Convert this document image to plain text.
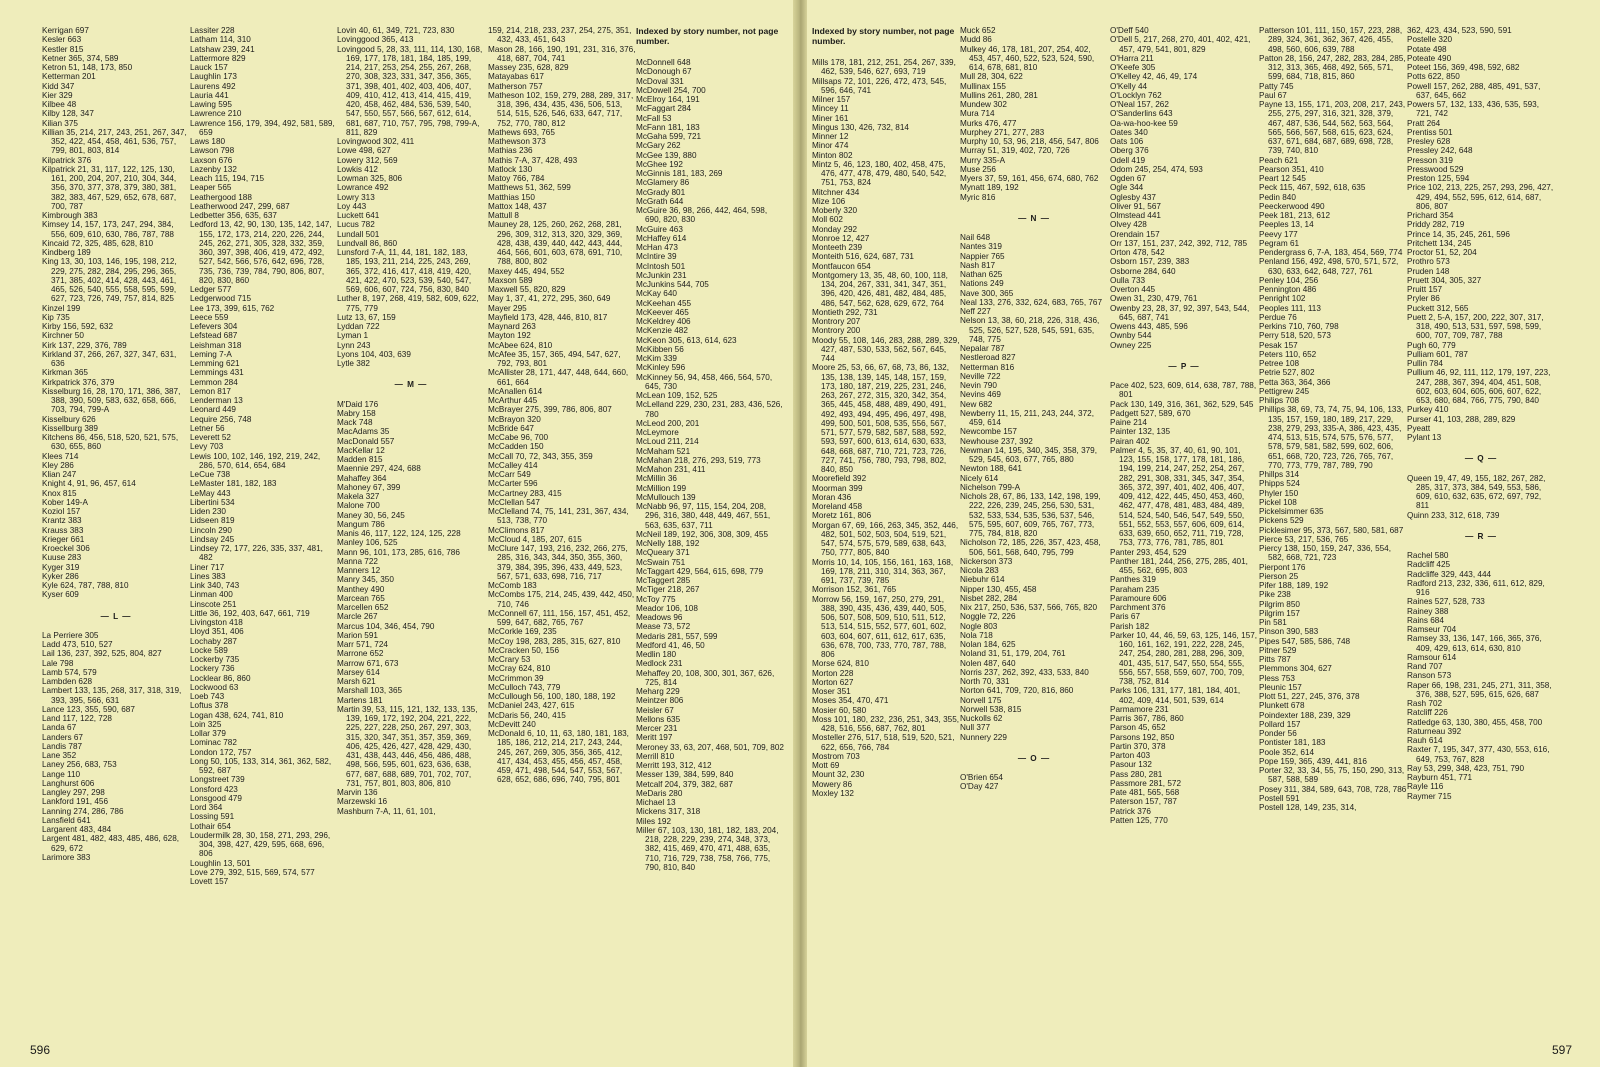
Kerrigan 697
Kesler 663
Kestler 815
Ketner 365, 374, 589
Ketron 51, 148, 173, 850
Ketterman 201
Kidd 347
Kier 329
Kilbee 48
Kilby 128, 347
Kilian 375
Killian 35, 214, 217, 243, 251, 267, 347, 352, 422, 454, 458, 461, 536, 757, 799, 801, 803, 814
Kilpatrick 376
Kilpatrick 21, 31, 117, 122, 125, 130, 161, 200, 204, 207, 210, 304, 344, 356, 370, 377, 378, 379, 380, 381, 382, 383, 467, 529, 652, 678, 687, 700, 787
Kimbrough 383
Kimsey 14, 157, 173, 247, 294, 384, 556, 609, 610, 630, 786, 787, 788
Kincaid 72, 325, 485, 628, 810
Kindberg 189
King 13, 30, 103, 146, 195, 198, 212, 229, 275, 282, 284, 295, 296, 365, 371, 385, 402, 414, 428, 443, 461, 465, 526, 540, 555, 558, 595, 599, 627, 723, 726, 749, 757, 814, 825
Kinzel 199
Kip 735
Kirby 156, 592, 632
Kirchner 50
Kirk 137, 229, 376, 789
Kirkland 37, 266, 267, 327, 347, 631, 636
Kirkman 365
Kirkpatrick 376, 379
Kisselburg 16, 28, 170, 171, 386, 387, 388, 390, 509, 583, 632, 658, 666, 703, 794, 799-A
Kisselbury 626
Kissellburg 389
Kitchens 86, 456, 518, 520, 521, 575, 630, 655, 860
Klees 714
Kley 286
Klian 247
Knight 4, 91, 96, 457, 614
Knox 815
Kober 149-A
Koziol 157
Krantz 383
Krauss 383
Krieger 661
Kroeckel 306
Kuuse 283
Kyger 319
Kyker 286
Kyle 624, 787, 788, 810
Kyser 609
— L —
La Perriere 305
Ladd 473, 510, 527
Lail 136, 237, 392, 525, 804, 827
Lale 798
Lamb 574, 579
Lambden 628
Lambert 133, 135, 268, 317, 318, 319, 393, 395, 566, 631
Lance 123, 355, 590, 687
Land 117, 122, 728
Landa 67
Landers 67
Landis 787
Lane 352
Laney 256, 683, 753
Lange 110
Langhurst 606
Langley 297, 298
Lankford 191, 456
Lanning 274, 286, 786
Lansfield 641
Largarent 483, 484
Largent 481, 482, 483, 485, 486, 628, 629, 672
Larimore 383
Lassiter 228
Latham 114, 310
Latshaw 239, 241
Lattermore 829
Lauck 157
Laughlin 173
Laurens 492
Lauria 441
Lawing 595
Lawrence 210
Lawrence 156, 179, 394, 492, 581, 589, 659
Laws 180
Lawson 798
Laxson 676
Lazenby 132
Leach 115, 194, 715
Leaper 565
Leathergood 188
Leatherwood 247, 299, 687
Ledbetter 356, 635, 637
Ledford 13, 42, 90, 130, 135, 142, 147, 155, 172, 173, 214, 220, 226, 244, 245, 262, 271, 305, 328, 332, 359, 360, 397, 398, 406, 419, 472, 492, 527, 542, 566, 576, 642, 696, 728, 735, 736, 739, 784, 790, 806, 807, 820, 830, 860
Ledger 577
Ledgerwood 715
Lee 173, 399, 615, 762
Leece 559
Lefevers 304
Lefstead 687
Leishman 318
Leming 7-A
Lemming 621
Lemmings 431
Lemmon 284
Lemon 817
Lenderman 13
Leonard 449
Lequire 256, 748
Letner 56
Leverett 52
Levy 703
Lewis 100, 102, 146, 192, 219, 242, 286, 570, 614, 654, 684
LeCue 738
LeMaster 181, 182, 183
LeMay 443
Libertini 534
Liden 230
Lidseen 819
Lincoln 290
Lindsay 245
Lindsey 72, 177, 226, 335, 337, 481, 482
Liner 717
Lines 383
Link 340, 743
Linman 400
Linscote 251
Little 36, 192, 403, 647, 661, 719
Livingston 418
Lloyd 351, 406
Lochaby 287
Locke 589
Lockerby 735
Lockery 736
Locklear 86, 860
Lockwood 63
Loeb 743
Loftus 378
Logan 438, 624, 741, 810
Loin 325
Lollar 379
Lominac 782
London 172, 757
Long 50, 105, 133, 314, 361, 362, 582, 592, 687
Longstreet 739
Lonsford 423
Lonsgood 479
Lord 364
Lossing 591
Lothair 654
Loudermilk 28, 30, 158, 271, 293, 296, 304, 398, 427, 429, 595, 668, 696, 806
Loughlin 13, 501
Love 279, 392, 515, 569, 574, 577
Lovett 157
Lovin 40, 61, 349, 721, 723, 830
Lovinggood 365, 413
Lovingood 5, 28, 33, 111, 114, 130, 168, 169, 177, 178, 181, 184, 185, 199, 214, 217, 253, 254, 255, 267, 268, 270, 308, 323, 331, 347, 356, 365, 371, 398, 401, 402, 403, 406, 407, 409, 410, 412, 413, 414, 415, 419, 420, 458, 462, 484, 536, 539, 540, 547, 550, 557, 566, 567, 612, 614, 681, 687, 710, 757, 795, 798, 799-A, 811, 829
Lovingwood 302, 411
Lowe 498, 627
Lowery 312, 569
Lowkis 412
Lowman 325, 806
Lowrance 492
Lowry 313
Loy 443
Luckett 641
Lucus 782
Lundall 501
Lundvall 86, 860
Lunsford 7-A, 11, 44, 181, 182, 183, 185, 193, 211, 214, 225, 243, 269, 365, 372, 416, 417, 418, 419, 420, 421, 422, 470, 523, 539, 540, 547, 569, 606, 607, 724, 756, 830, 840
Luther 8, 197, 268, 419, 582, 609, 622, 775, 779
Lutz 13, 67, 159
Lyddan 722
Lyman 1
Lynn 243
Lyons 104, 403, 639
Lytle 382
— M —
M'Daid 176
Mabry 158
Mack 748
MacAdams 35
MacDonald 557
MacKellar 12
Madden 815
Maennie 297, 424, 688
Mahaffey 364
Mahoney 67, 399
Makela 327
Malone 700
Maney 30, 56, 245
Mangum 786
Manis 46, 117, 122, 124, 125, 228
Manley 106, 525
Mann 96, 101, 173, 285, 616, 786
Manna 722
Manners 12
Manry 345, 350
Manthey 490
Marcean 765
Marcellen 652
Marcle 267
Marcus 104, 346, 454, 790
Marion 591
Marr 571, 724
Marrone 652
Marrow 671, 673
Marsey 614
Marsh 621
Marshall 103, 365
Martens 181
Martin 39, 53, 115, 121, 132, 133, 135, 139, 169, 172, 192, 204, 221, 222, 225, 227, 228, 250, 267, 297, 303, 315, 320, 347, 351, 357, 359, 369, 406, 425, 426, 427, 428, 429, 430, 431, 438, 443, 446, 456, 486, 488, 498, 566, 595, 601, 623, 636, 638, 677, 687, 688, 689, 701, 702, 707, 731, 757, 801, 803, 806, 810
Marvin 136
Marzewski 16
Mashburn 7-A, 11, 61, 101,
159, 214, 218, 233, 237, 254, 275, 351, 432, 433, 451, 643
Mason 28, 166, 190, 191, 231, 316, 376, 418, 687, 704, 741
Massey 235, 628, 829
Matayabas 617
Matherson 757
Matheson 102, 159, 279, 288, 289, 317, 318, 396, 434, 435, 436, 506, 513, 514, 515, 526, 546, 633, 647, 717, 752, 770, 780, 812
Mathews 693, 765
Mathewson 373
Mathias 236
Mathis 7-A, 37, 428, 493
Matlock 130
Matoy 766, 784
Matthews 51, 362, 599
Matthias 150
Mattox 148, 437
Mattull 8
Mauney 28, 125, 260, 262, 268, 281, 296, 309, 312, 313, 320, 329, 369, 428, 438, 439, 440, 442, 443, 444, 464, 566, 601, 603, 678, 691, 710, 788, 800, 802
Maxey 445, 494, 552
Maxson 589
Maxwell 55, 820, 829
May 1, 37, 41, 272, 295, 360, 649
Mayer 295
Mayfield 173, 428, 446, 810, 817
Maynard 263
Mayton 192
McAbee 624, 810
McAfee 35, 157, 365, 494, 547, 627, 792, 793, 801
McAllister 28, 171, 447, 448, 644, 660, 661, 664
McAnallen 614
McArthur 445
McBrayer 275, 399, 786, 806, 807
McBrayon 320
McBride 647
McCabe 96, 700
McCadden 150
McCall 70, 72, 343, 355, 359
McCalley 414
McCarr 549
McCarter 596
McCartney 283, 415
McClellan 547
McClelland 74, 75, 141, 231, 367, 434, 513, 738, 770
McClimons 817
McCloud 4, 185, 207, 615
McClure 147, 193, 216, 232, 266, 275, 285, 316, 343, 344, 350, 355, 360, 379, 384, 395, 396, 433, 449, 523, 567, 571, 633, 698, 716, 717
McComb 183
McCombs 175, 214, 245, 439, 442, 450, 710, 746
McConnell 67, 111, 156, 157, 451, 452, 599, 647, 682, 765, 767
McCorkle 169, 235
McCoy 198, 283, 285, 315, 627, 810
McCracken 50, 156
McCrary 53
McCray 624, 810
McCrimmon 39
McCulloch 743, 779
McCullough 56, 100, 180, 188, 192
McDaniel 243, 427, 615
McDaris 56, 240, 415
McDevitt 240
McDonald 6, 10, 11, 63, 180, 181, 183, 185, 186, 212, 214, 217, 243, 244, 245, 267, 269, 305, 356, 365, 412, 417, 434, 453, 455, 456, 457, 458, 459, 471, 498, 544, 547, 553, 567, 628, 652, 686, 696, 740, 795, 801
Indexed by story number, not page number.
McDonnell 648
McDonough 67
McDoval 331
McDowell 254, 700
McElroy 164, 191
McFaggart 284
McFall 53
McFann 181, 183
McGaha 599, 721
McGary 262
McGee 139, 880
McGhee 192
McGinnis 181, 183, 269
McGlamery 86
McGrady 801
McGrath 644
McGuire 36, 98, 266, 442, 464, 598, 690, 820, 830
McGuire 463
McHaffey 614
McHan 473
McIntire 39
McIntosh 501
McJunkin 231
McJunkins 544, 705
McKay 640
McKeehan 455
McKeever 465
McKeldrey 406
McKenzie 482
McKeon 305, 613, 614, 623
McKibben 56
McKim 339
McKinley 596
McKinney 56, 94, 458, 466, 564, 570, 645, 730
McLean 109, 152, 525
McLelland 229, 230, 231, 283, 436, 526, 780
McLeod 200, 201
McLeymore
McLoud 211, 214
McMaham 521
McMahan 218, 276, 293, 519, 773
McMahon 231, 411
McMillin 36
McMillion 199
McMullouch 139
McNabb 96, 97, 115, 154, 204, 208, 296, 316, 380, 448, 449, 467, 551, 563, 635, 637, 711
McNeil 189, 192, 306, 308, 309, 455
McNelly 188, 192
McQueary 371
McSwain 751
McTaggart 429, 564, 615, 698, 779
McTaggert 285
McTiger 218, 267
McToy 775
Meador 106, 108
Meadows 96
Mease 73, 572
Medaris 281, 557, 599
Medford 41, 46, 50
Medlin 180
Medlock 231
Mehaffey 20, 108, 300, 301, 367, 626, 725, 814
Meharg 229
Meintzer 806
Meisler 67
Mellons 635
Mercer 231
Meritt 197
Meroney 33, 63, 207, 468, 501, 709, 802
Merrill 810
Merritt 193, 312, 412
Messer 139, 384, 599, 840
Metcalf 204, 379, 382, 687
MeDaris 280
Michael 13
Mickens 317, 318
Miles 192
Miller 67, 103, 130, 181, 182, 183, 204, 218, 228, 229, 239, 274, 348, 373, 382, 415, 469, 470, 471, 488, 635, 710, 716, 729, 738, 758, 766, 775, 790, 810, 840
596
Indexed by story number, not page number.
Mills 178, 181, 212, 251, 254, 267, 339, 462, 539, 546, 627, 693, 719
Millsaps 72, 101, 226, 472, 473, 545, 596, 646, 741
Milner 157
Mincey 11
Miner 161
Mingus 130, 426, 732, 814
Minner 12
Minor 474
Minton 802
Mintz 5, 46, 123, 180, 402, 458, 475, 476, 477, 478, 479, 480, 540, 542, 751, 753, 824
Mitchner 434
Mize 106
Moberly 320
Moll 602
Monday 292
Monroe 12, 427
Monteeth 239
Monteith 516, 624, 687, 731
Montfaucon 654
Montgomery 13, 35, 48, 60, 100, 118, 134, 204, 267, 331, 341, 347, 351, 396, 420, 426, 481, 482, 484, 485, 486, 547, 562, 628, 629, 672, 764
Montieth 292, 731
Montrory 207
Montrory 200
Moody 55, 108, 146, 283, 288, 289, 329, 427, 487, 530, 533, 562, 567, 645, 744
Moore 25, 53, 66, 67, 68, 73, 86, 132, 135, 138, 139, 145, 148, 157, 159, 173, 180, 187, 219, 225, 231, 246, 263, 267, 272, 315, 320, 342, 354, 365, 445, 458, 488, 489, 490, 491, 492, 493, 494, 495, 496, 497, 498, 499, 500, 501, 508, 535, 556, 567, 571, 577, 579, 582, 587, 588, 592, 593, 597, 600, 613, 614, 630, 633, 648, 668, 687, 710, 721, 723, 726, 727, 741, 756, 780, 793, 798, 802, 840, 850
Moorefield 392
Moorman 399
Moran 436
Moreland 458
Moretz 161, 806
Morgan 67, 69, 166, 263, 345, 352, 446, 482, 501, 502, 503, 504, 519, 521, 547, 574, 575, 579, 589, 638, 643, 750, 777, 805, 840
Morris 10, 14, 105, 156, 161, 163, 168, 169, 178, 211, 310, 314, 363, 367, 691, 737, 739, 785
Morrison 152, 361, 765
Morrow 56, 159, 167, 250, 279, 291, 388, 390, 435, 436, 439, 440, 505, 506, 507, 508, 509, 510, 511, 512, 513, 514, 515, 552, 577, 601, 602, 603, 604, 607, 611, 612, 617, 635, 636, 678, 700, 733, 770, 787, 788, 806
Morse 624, 810
Morton 228
Morton 627
Moser 351
Moses 354, 470, 471
Mosier 60, 580
Moss 101, 180, 232, 236, 251, 343, 355, 428, 516, 556, 687, 762, 801
Mosteller 276, 517, 518, 519, 520, 521, 622, 656, 766, 784
Mostrom 703
Mott 69
Mount 32, 230
Mowery 86
Moxley 132
Muck 652
Mudd 86
Mulkey 46, 178, 181, 207, 254, 402, 453, 457, 460, 522, 523, 524, 590, 614, 678, 681, 810
Mull 28, 304, 622
Mullinax 155
Mullins 261, 280, 281
Mundew 302
Mura 714
Murks 476, 477
Murphey 271, 277, 283
Murphy 10, 53, 96, 218, 456, 547, 806
Murray 51, 319, 402, 720, 726
Murry 335-A
Muse 256
Myers 37, 59, 161, 456, 674, 680, 762
Mynatt 189, 192
Myric 816
— N —
Nail 648
Nantes 319
Nappier 765
Nash 817
Nathan 625
Nations 249
Nave 300, 365
Neal 133, 276, 332, 624, 683, 765, 767
Neff 227
Nelson 13, 38, 60, 218, 226, 318, 436, 525, 526, 527, 528, 545, 591, 635, 748, 775
Nepalar 787
Nestleroad 827
Netterman 816
Neville 722
Nevin 790
Nevins 469
New 682
Newberry 11, 15, 211, 243, 244, 372, 459, 614
Newcombe 157
Newhouse 237, 392
Newman 14, 195, 340, 345, 358, 379, 529, 545, 603, 677, 765, 880
Newton 188, 641
Nicely 614
Nichelson 799-A
Nichols 28, 67, 86, 133, 142, 198, 199, 222, 226, 239, 245, 256, 530, 531, 532, 533, 534, 535, 536, 537, 546, 575, 595, 607, 609, 765, 767, 773, 775, 784, 818, 820
Nicholson 72, 185, 226, 357, 423, 458, 506, 561, 568, 640, 795, 799
Nickerson 373
Nicola 283
Niebuhr 614
Nipper 130, 455, 458
Nisbet 282, 284
Nix 217, 250, 536, 537, 566, 765, 820
Noggle 72, 226
Nogle 803
Nola 718
Nolan 184, 625
Noland 31, 51, 179, 204, 761
Nolen 487, 640
Norris 237, 262, 392, 433, 533, 840
North 70, 331
Norton 641, 709, 720, 816, 860
Norvell 175
Norwell 538, 815
Nuckolls 62
Null 377
Nunnery 229
— O —
O'Brien 654
O'Day 427
O'Deff 540
O'Dell 5, 217, 268, 270, 401, 402, 421, 457, 479, 541, 801, 829
O'Harra 211
O'Keefe 305
O'Kelley 42, 46, 49, 174
O'Kelly 44
O'Locklyn 762
O'Neal 157, 262
O'Sanderlins 643
Oa-wa-hoo-kee 59
Oates 340
Oats 106
Oberg 376
Odell 419
Odom 245, 254, 474, 593
Ogden 67
Ogle 344
Oglesby 437
Oliver 91, 567
Olmstead 441
Olvey 428
Orendain 157
Orr 137, 151, 237, 242, 392, 712, 785
Orton 478, 542
Osborn 157, 239, 383
Osborne 284, 640
Oulla 733
Overton 445
Owen 31, 230, 479, 761
Owenby 23, 28, 37, 92, 397, 543, 544, 645, 687, 741
Owens 443, 485, 596
Ownby 544
Owney 225
— P —
Pace 402, 523, 609, 614, 638, 787, 788, 801
Pack 130, 149, 316, 361, 362, 529, 545
Padgett 527, 589, 670
Paine 214
Painter 132, 135
Pairan 402
Palmer 4, 5, 35, 37, 40, 61, 90, 101, 123, 155, 158, 177, 178, 181, 186, 194, 199, 214, 247, 252, 254, 267, 282, 291, 308, 331, 345, 347, 354, 365, 372, 397, 401, 402, 406, 407, 409, 412, 422, 445, 450, 453, 460, 462, 477, 478, 481, 483, 484, 489, 514, 524, 540, 546, 547, 549, 550, 551, 552, 553, 557, 606, 609, 614, 633, 639, 650, 652, 711, 719, 728, 753, 773, 776, 781, 785, 801
Panter 293, 454, 529
Panther 181, 244, 256, 275, 285, 401, 455, 562, 695, 803
Panthes 319
Paraham 235
Paramoure 606
Parchment 376
Paris 67
Parish 182
Parker 10, 44, 46, 59, 63, 125, 146, 157, 160, 161, 162, 191, 222, 228, 245, 247, 254, 280, 281, 288, 296, 309, 401, 435, 517, 547, 550, 554, 555, 556, 557, 558, 559, 607, 700, 709, 738, 752, 814
Parks 106, 131, 177, 181, 184, 401, 402, 409, 414, 501, 539, 614
Parmamore 231
Parris 367, 786, 860
Parson 45, 652
Parsons 192, 850
Partin 370, 378
Parton 403
Pasour 132
Pass 280, 281
Passmore 281, 572
Pate 481, 565, 568
Paterson 157, 787
Patrick 376
Patten 125, 770
Patterson 101, 111, 150, 157, 223, 288, 289, 324, 361, 362, 367, 426, 455, 498, 560, 606, 639, 788
Patton 28, 156, 247, 282, 283, 284, 285, 312, 313, 365, 468, 492, 565, 571, 599, 684, 718, 815, 860
Patty 745
Paul 67
Payne 13, 155, 171, 203, 208, 217, 243, 255, 275, 297, 316, 321, 328, 379, 467, 487, 536, 544, 562, 563, 564, 565, 566, 567, 568, 615, 623, 624, 637, 671, 684, 687, 689, 698, 728, 739, 740, 810
Peach 621
Pearson 351, 410
Peart 12 545
Peck 115, 467, 592, 618, 635
Pedin 840
Peeckerwood 490
Peek 181, 213, 612
Peeples 13, 14
Peevy 177
Pegram 61
Pendergrass 6, 7-A, 183, 454, 569, 774
Penland 156, 492, 498, 570, 571, 572, 630, 633, 642, 648, 727, 761
Penley 104, 256
Pennington 486
Penright 102
Peoples 111, 113
Perdue 76
Perkins 710, 760, 798
Perry 518, 520, 573
Pesak 157
Peters 110, 652
Petree 108
Petrie 527, 802
Petta 363, 364, 366
Pettigrew 245
Philips 708
Phillips 38, 69, 73, 74, 75, 94, 106, 133, 135, 157, 159, 180, 189, 217, 229, 238, 279, 293, 335-A, 386, 423, 435, 474, 513, 515, 574, 575, 576, 577, 578, 579, 581, 582, 599, 602, 606, 651, 668, 720, 723, 726, 765, 767, 770, 773, 779, 787, 789, 790
Phillps 314
Phipps 524
Phyler 150
Pickel 108
Pickelsimmer 635
Pickens 529
Picklesimer 95, 373, 567, 580, 581, 687
Pierce 53, 217, 536, 765
Piercy 138, 150, 159, 247, 336, 554, 582, 668, 721, 723
Pierpont 176
Pierson 25
Pifer 188, 189, 192
Pike 238
Pilgrim 850
Pilgrim 157
Pin 581
Pinson 390, 583
Pipes 547, 585, 586, 748
Pitner 529
Pitts 787
Plemmons 304, 627
Pless 753
Pleunic 157
Plott 51, 227, 245, 376, 378
Plunkett 678
Poindexter 188, 239, 329
Pollard 157
Ponder 56
Pontister 181, 183
Poole 352, 614
Pope 159, 365, 439, 441, 816
Porter 32, 33, 34, 55, 75, 150, 290, 313, 587, 588, 589
Posey 311, 384, 589, 643, 708, 728, 786
Postell 591
Postell 128, 149, 235, 314,
362, 423, 434, 523, 590, 591
Postelle 320
Potate 498
Poteate 490
Poteet 156, 369, 498, 592, 682
Potts 622, 850
Powell 157, 262, 288, 485, 491, 537, 637, 645, 662
Powers 57, 132, 133, 436, 535, 593, 721, 742
Pratt 264
Prentiss 501
Presley 628
Pressley 242, 648
Presson 319
Presswood 529
Preston 125, 594
Price 102, 213, 225, 257, 293, 296, 427, 429, 494, 552, 595, 612, 614, 687, 806, 807
Prichard 354
Priddy 282, 719
Prince 14, 35, 245, 261, 596
Pritchett 134, 245
Proctor 51, 52, 204
Prothro 573
Pruden 148
Pruett 304, 305, 327
Pruitt 157
Pryler 86
Puckett 312, 565
Puett 2, 5-A, 157, 200, 222, 307, 317, 318, 490, 513, 531, 597, 598, 599, 600, 707, 709, 787, 788
Pugh 60, 779
Pulliam 601, 787
Pullin 784
Pullium 46, 92, 111, 112, 179, 197, 223, 247, 288, 367, 394, 404, 451, 508, 602, 603, 604, 605, 606, 607, 622, 653, 680, 684, 766, 775, 790, 840
Purkey 410
Purser 41, 103, 288, 289, 829
Pyeatt
Pylant 13
— Q —
Queen 19, 47, 49, 155, 182, 267, 282, 285, 317, 373, 384, 549, 553, 586, 609, 610, 632, 635, 672, 697, 792, 811
Quinn 233, 312, 618, 739
— R —
Rachel 580
Radcliff 425
Radcliffe 329, 443, 444
Radford 213, 232, 336, 611, 612, 829, 916
Raines 527, 528, 733
Rainey 388
Rains 684
Ramseur 704
Ramsey 33, 136, 147, 166, 365, 376, 409, 429, 613, 614, 630, 810
Ramsour 614
Rand 707
Ranson 573
Raper 66, 198, 231, 245, 271, 311, 358, 376, 388, 527, 595, 615, 626, 687
Rash 702
Ratcliff 226
Ratledge 63, 130, 380, 455, 458, 700
Raturneau 392
Rauh 614
Raxter 7, 195, 347, 377, 430, 553, 616, 649, 753, 767, 828
Ray 53, 299, 348, 423, 751, 790
Rayburn 451, 771
Rayle 116
Raymer 715
597
